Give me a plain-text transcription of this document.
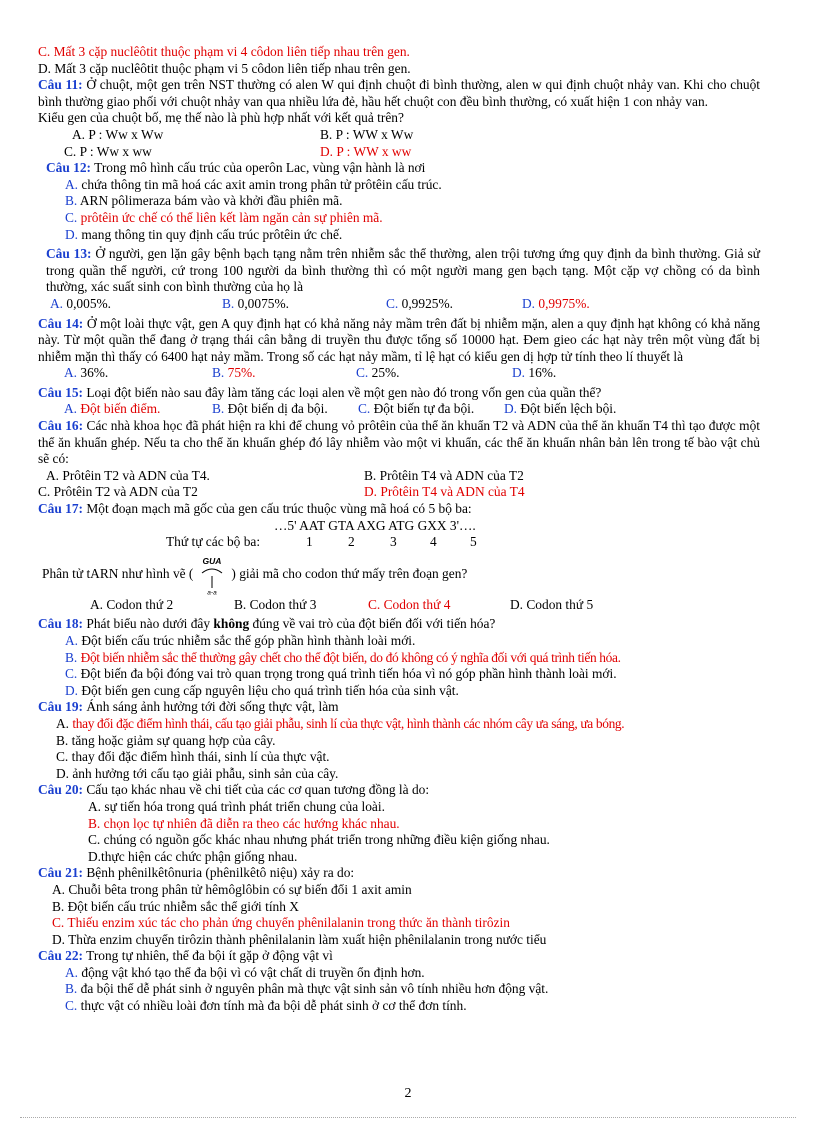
C. Mất 3 cặp nuclêôtit thuộc phạm vi 4 côdon liên tiếp nhau trên gen.
D. Mất 3 cặp nuclêôtit thuộc phạm vi 5 côdon liên tiếp nhau trên gen.
Câu 11: Ở chuột, một gen trên NST thường có alen W qui định chuột đi bình thường, alen w qui định chuột nhảy van. Khi cho chuột bình thường giao phối với chuột nhảy van qua nhiều lứa đẻ, hầu hết chuột con đều bình thường, có xuất hiện 1 con nhảy van.
Kiểu gen của chuột bố, mẹ thế nào là phù hợp nhất với kết quả trên?
A. P : Ww x Ww	B. P : WW x Ww
C. P : Ww x ww	D. P : WW x ww
Câu 12: Trong mô hình cấu trúc của operôn Lac, vùng vận hành là nơi
A. chứa thông tin mã hoá các axit amin trong phân tử prôtêin cấu trúc.
B. ARN pôlimeraza bám vào và khởi đầu phiên mã.
C. prôtêin ức chế có thể liên kết làm ngăn cản sự phiên mã.
D. mang thông tin quy định cấu trúc prôtêin ức chế.
Câu 13: Ở người, gen lặn gây bệnh bạch tạng nằm trên nhiễm sắc thể thường, alen trội tương ứng quy định da bình thường. Giả sử trong quần thể người, cứ trong 100 người da bình thường thì có một người mang gen bạch tạng. Một cặp vợ chồng có da bình thường, xác suất sinh con bình thường của họ là
A. 0,005%.	B. 0,0075%.	C. 0,9925%.	D. 0,9975%.
Câu 14: Ở một loài thực vật, gen A quy định hạt có khả năng nảy mầm trên đất bị nhiễm mặn, alen a quy định hạt không có khả năng này. Từ một quần thể đang ở trạng thái cân bằng di truyền thu được tổng số 10000 hạt. Đem gieo các hạt này trên một vùng đất bị nhiễm mặn thì thấy có 6400 hạt nảy mầm. Trong số các hạt nảy mầm, tỉ lệ hạt có kiểu gen dị hợp tử tính theo lí thuyết là
A. 36%.	B. 75%.	C. 25%.	D. 16%.
Câu 15: Loại đột biến nào sau đây làm tăng các loại alen về một gen nào đó trong vốn gen của quần thể?
A. Đột biến điểm.	B. Đột biến dị đa bội.	C. Đột biến tự đa bội.	D. Đột biến lệch bội.
Câu 16: Các nhà khoa học đã phát hiện ra khi để chung vỏ prôtêin của thể ăn khuẩn T2 và ADN của thể ăn khuẩn T4 thì tạo được một thể ăn khuẩn ghép. Nếu ta cho thể ăn khuẩn ghép đó lây nhiễm vào một vi khuẩn, các thể ăn khuẩn nhân bản lên trong tế bào vật chủ sẽ có:
A. Prôtêin T2 và ADN của T4.	B. Prôtêin T4 và ADN của T2
C. Prôtêin T2 và ADN của T2	D. Prôtêin T4 và ADN của T4
Câu 17: Một đoạn mạch mã gốc của gen cấu trúc thuộc vùng mã hoá có 5 bộ ba:
…5' AAT GTA AXG ATG GXX 3'….
Thứ tự các bộ ba:	1	2	3	4	5
Phân tử tARN như hình vẽ (
GUA
a-a
) giải mã cho codon thứ mấy trên đoạn gen?
A. Codon thứ 2	B. Codon thứ 3	C. Codon thứ 4	D. Codon thứ 5
Câu 18: Phát biểu nào dưới đây không đúng về vai trò của đột biến đối với tiến hóa?
A. Đột biến cấu trúc nhiễm sắc thể góp phần hình thành loài mới.
B. Đột biến nhiễm sắc thể thường gây chết cho thể đột biến, do đó không có ý nghĩa đối với quá trình tiến hóa.
C. Đột biến đa bội đóng vai trò quan trọng trong quá trình tiến hóa vì nó góp phần hình thành loài mới.
D. Đột biến gen cung cấp nguyên liệu cho quá trình tiến hóa của sinh vật.
Câu 19: Ánh sáng ảnh hưởng tới đời sống thực vật, làm
A. thay đổi đặc điểm hình thái, cấu tạo giải phẫu, sinh lí của thực vật, hình thành các nhóm cây ưa sáng, ưa bóng.
B. tăng hoặc giảm sự quang hợp của cây.
C. thay đổi đặc điểm hình thái, sinh lí của thực vật.
D. ảnh hưởng tới cấu tạo giải phẫu, sinh sản của cây.
Câu 20: Cấu tạo khác nhau về chi tiết của các cơ quan tương đồng là do:
A. sự tiến hóa trong quá trình phát triển chung của loài.
B. chọn lọc tự nhiên đã diễn ra theo các hướng khác nhau.
C. chúng có nguồn gốc khác nhau nhưng phát triển trong những điều kiện giống nhau.
D.thực hiện các chức phận giống nhau.
Câu 21: Bệnh phênilkêtônuria (phênilkêtô niệu) xảy ra do:
A. Chuỗi bêta trong phân tử hêmôglôbin có sự biến đổi 1 axit amin
B. Đột biến cấu trúc nhiễm sắc thể giới tính X
C. Thiếu enzim xúc tác cho phản ứng chuyển phênilalanin trong thức ăn thành tirôzin
D. Thừa enzim chuyển tirôzin thành phênilalanin làm xuất hiện phênilalanin trong nước tiểu
Câu 22: Trong tự nhiên, thể đa bội ít gặp ở động vật vì
A. động vật khó tạo thể đa bội vì có vật chất di truyền ổn định hơn.
B. đa bội thể dễ phát sinh ở nguyên phân mà thực vật sinh sản vô tính nhiều hơn động vật.
C. thực vật có nhiều loài đơn tính mà đa bội dễ phát sinh ở cơ thể đơn tính.
2
